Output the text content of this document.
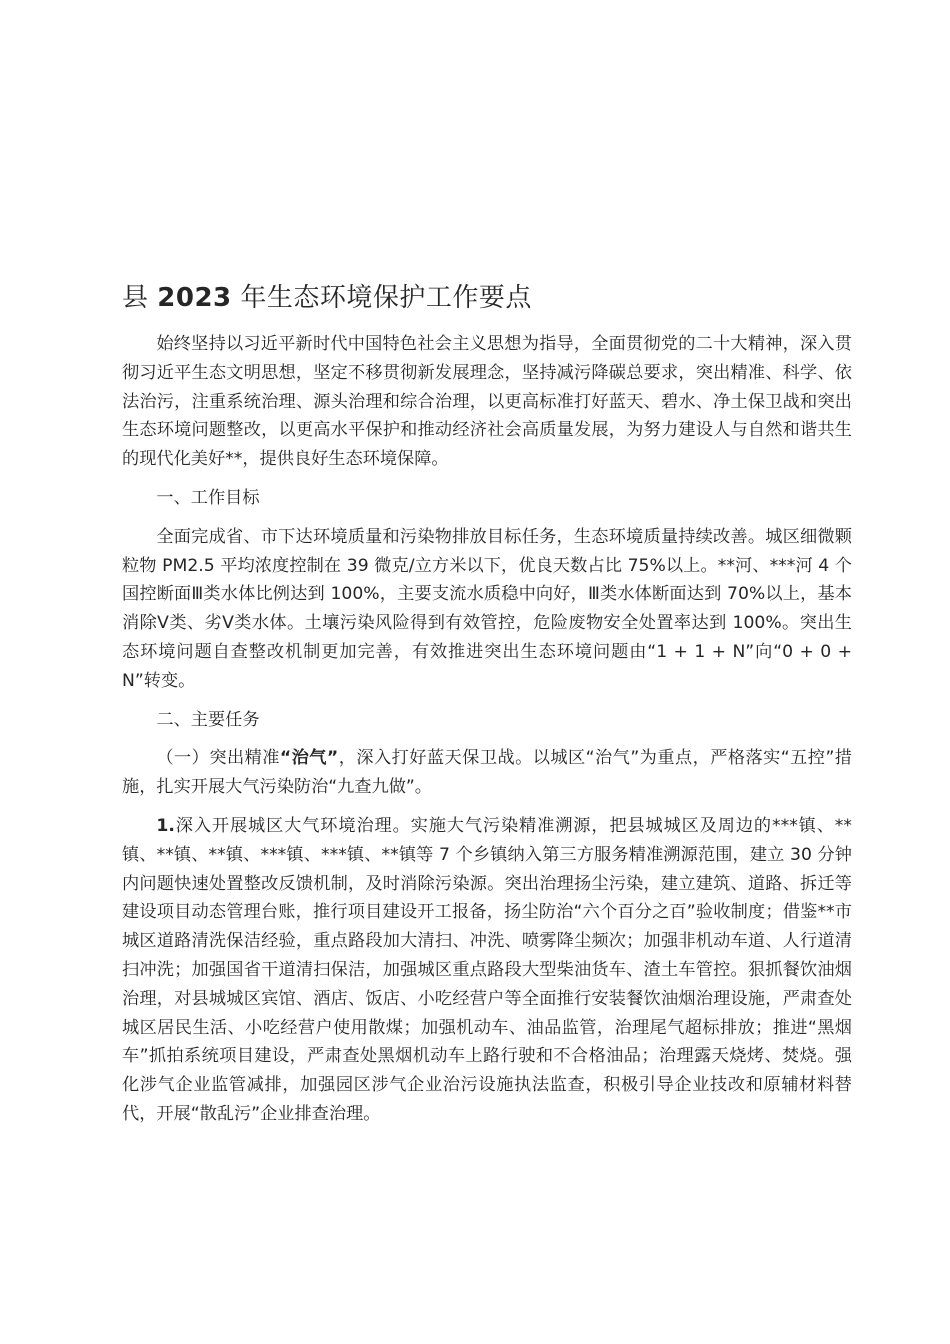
县 2023 年生态环境保护工作要点

始终坚持以习近平新时代中国特色社会主义思想为指导，全面贯彻党的二十大精神，深入贯彻习近平生态文明思想，坚定不移贯彻新发展理念，坚持减污降碳总要求，突出精准、科学、依法治污，注重系统治理、源头治理和综合治理，以更高标准打好蓝天、碧水、净土保卫战和突出生态环境问题整改，以更高水平保护和推动经济社会高质量发展，为努力建设人与自然和谐共生的现代化美好**，提供良好生态环境保障。

一、工作目标

全面完成省、市下达环境质量和污染物排放目标任务，生态环境质量持续改善。城区细微颗粒物 PM2.5 平均浓度控制在 39 微克/立方米以下，优良天数占比 75%以上。**河、***河 4 个国控断面Ⅲ类水体比例达到 100%，主要支流水质稳中向好，Ⅲ类水体断面达到 70%以上，基本消除Ⅴ类、劣Ⅴ类水体。土壤污染风险得到有效管控，危险废物安全处置率达到 100%。突出生态环境问题自查整改机制更加完善，有效推进突出生态环境问题由“1 + 1 + N”向“0 + 0 + N”转变。

二、主要任务

（一）突出精准“治气”，深入打好蓝天保卫战。以城区“治气”为重点，严格落实“五控”措施，扎实开展大气污染防治“九查九做”。

1.深入开展城区大气环境治理。实施大气污染精准溯源，把县城城区及周边的***镇、**镇、**镇、**镇、***镇、***镇、**镇等 7 个乡镇纳入第三方服务精准溯源范围，建立 30 分钟内问题快速处置整改反馈机制，及时消除污染源。突出治理扬尘污染，建立建筑、道路、拆迁等建设项目动态管理台账，推行项目建设开工报备，扬尘防治“六个百分之百”验收制度；借鉴**市城区道路清洗保洁经验，重点路段加大清扫、冲洗、喷雾降尘频次；加强非机动车道、人行道清扫冲洗；加强国省干道清扫保洁，加强城区重点路段大型柴油货车、渣土车管控。狠抓餐饮油烟治理，对县城城区宾馆、酒店、饭店、小吃经营户等全面推行安装餐饮油烟治理设施，严肃查处城区居民生活、小吃经营户使用散煤；加强机动车、油品监管，治理尾气超标排放；推进“黑烟车”抓拍系统项目建设，严肃查处黑烟机动车上路行驶和不合格油品；治理露天烧烤、焚烧。强化涉气企业监管减排，加强园区涉气企业治污设施执法监查，积极引导企业技改和原辅材料替代，开展“散乱污”企业排查治理。
